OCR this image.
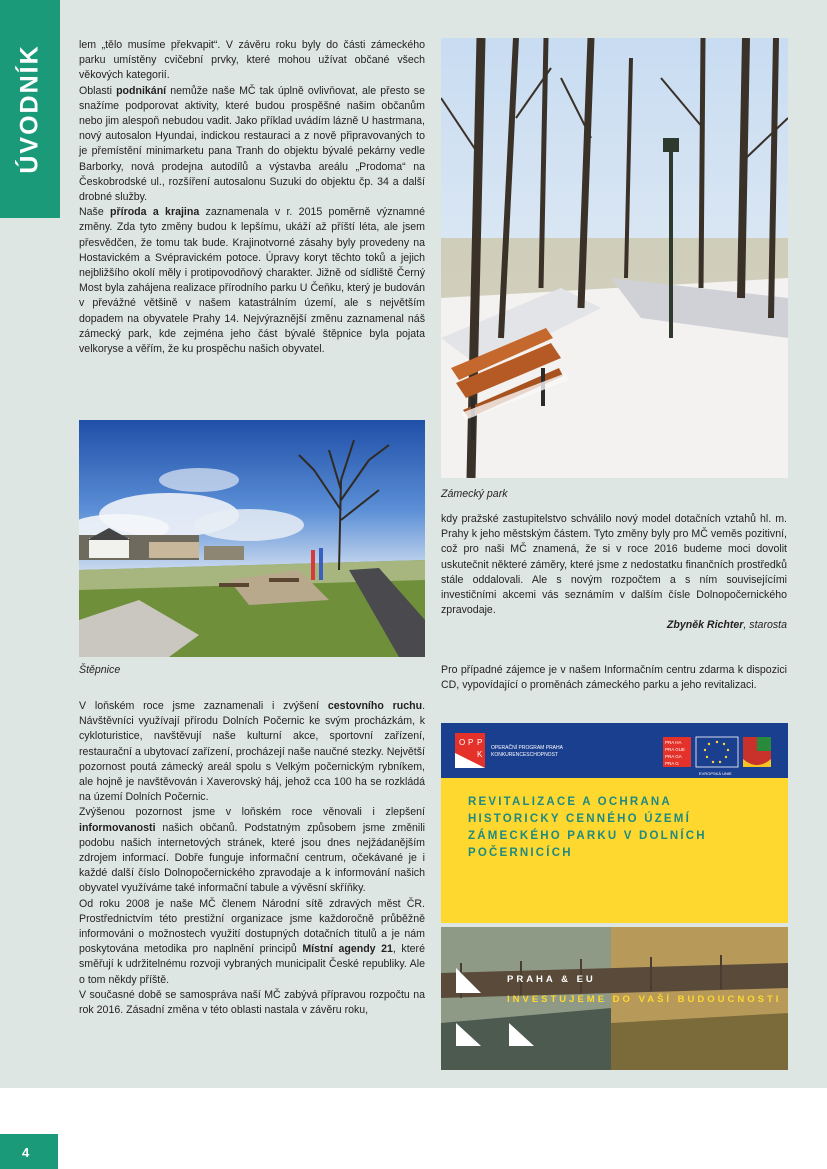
ÚVODNÍK	lem „tělo musíme překvapit“. V závěru roku byly do části zámeckého parku umístěny cvičební prvky, které mohou užívat občané všech věkových kategorií.

Oblasti podnikání nemůže naše MČ tak úplně ovlivňovat, ale přesto se snažíme podporovat aktivity, které budou prospěšné našim občanům nebo jim alespoň nebudou vadit. Jako příklad uvádím lázně U hastrmana, nový autosalon Hyundai, indickou restauraci a z nově připravovaných to je přemístění minimarketu pana Tranh do objektu bývalé pekárny vedle Barborky, nová prodejna autodílů a výstavba areálu „Prodoma“ na Českobrodské ul., rozšíření autosalonu Suzuki do objektu čp. 34 a další drobné služby.

Naše příroda a krajina zaznamenala v r. 2015 poměrně významné změny. Zda tyto změny budou k lepšímu, ukáží až příští léta, ale jsem přesvědčen, že tomu tak bude. Krajinotvorné zásahy byly provedeny na Hostavickém a Svépravickém potoce. Úpravy koryt těchto toků a jejich nejbližšího okolí měly i protipovodňový charakter. Jižně od sídliště Černý Most byla zahájena realizace přírodního parku U Čeňku, který je budován v převážné většině v našem katastrálním území, ale s největším dopadem na obyvatele Prahy 14. Nejvýraznější změnu zaznamenal náš zámecký park, kde zejména jeho část bývalé štěpnice byla pojata velkoryse a věřím, že ku prospěchu našich obyvatel.

Štěpnice

V loňském roce jsme zaznamenali i zvýšení cestovního ruchu. Návštěvníci využívají přírodu Dolních Počernic ke svým procházkám, k cykloturistice, navštěvují naše kulturní akce, sportovní zařízení, restaurační a ubytovací zařízení, procházejí naše naučné stezky. Největší pozornost poutá zámecký areál spolu s Velkým počernickým rybníkem, ale hojně je navštěvován i Xaverovský háj, jehož cca 100 ha se rozkládá na území Dolních Počernic.

Zvýšenou pozornost jsme v loňském roce věnovali i zlepšení informovanosti našich občanů. Podstatným způsobem jsme změnili podobu našich internetových stránek, které jsou dnes nejžádanějším zdrojem informací. Dobře funguje informační centrum, očekávané je i každé další číslo Dolnopočernického zpravodaje a k informování našich obyvatel využíváme také informační tabule a vývěsní skříňky.

Od roku 2008 je naše MČ členem Národní sítě zdravých měst ČR. Prostřednictvím této prestižní organizace jsme každoročně průběžně informováni o možnostech využití dostupných dotačních titulů a je nám poskytována metodika pro naplnění principů Místní agendy 21, které směřují k udržitelnému rozvoji vybraných municipalit České republiky. Ale o tom někdy příště.

V současné době se samospráva naší MČ zabývá přípravou rozpočtu na rok 2016. Zásadní změna v této oblasti nastala v závěru roku,

Zámecký park

kdy pražské zastupitelstvo schválilo nový model dotačních vztahů hl. m. Prahy k jeho městským částem. Tyto změny byly pro MČ veměs pozitivní, což pro naši MČ znamená, že si v roce 2016 budeme moci dovolit uskutečnit některé záměry, které jsme z nedostatku finančních prostředků stále oddalovali. Ale s novým rozpočtem a s ním souvisejícími investičními akcemi vás seznámím v dalším čísle Dolnopočernického zpravodaje.

Zbyněk Richter, starosta

Pro případné zájemce je v našem Informačním centru zdarma k dispozici CD, vypovídající o proměnách zámeckého parku a jeho revitalizaci.

O P P
K
OPERAČNÍ PROGRAM PRAHA
KONKURENCESCHOPNOST
PRA HA
PRA GUE
PRA GA
PRA G
EVROPSKÁ UNIE
REVITALIZACE A OCHRANA
HISTORICKY CENNÉHO ÚZEMÍ
ZÁMECKÉHO PARKU V DOLNÍCH
POČERNICÍCH
PRAHA & EU
INVESTUJEME DO VAŠÍ BUDOUCNOSTI
4
